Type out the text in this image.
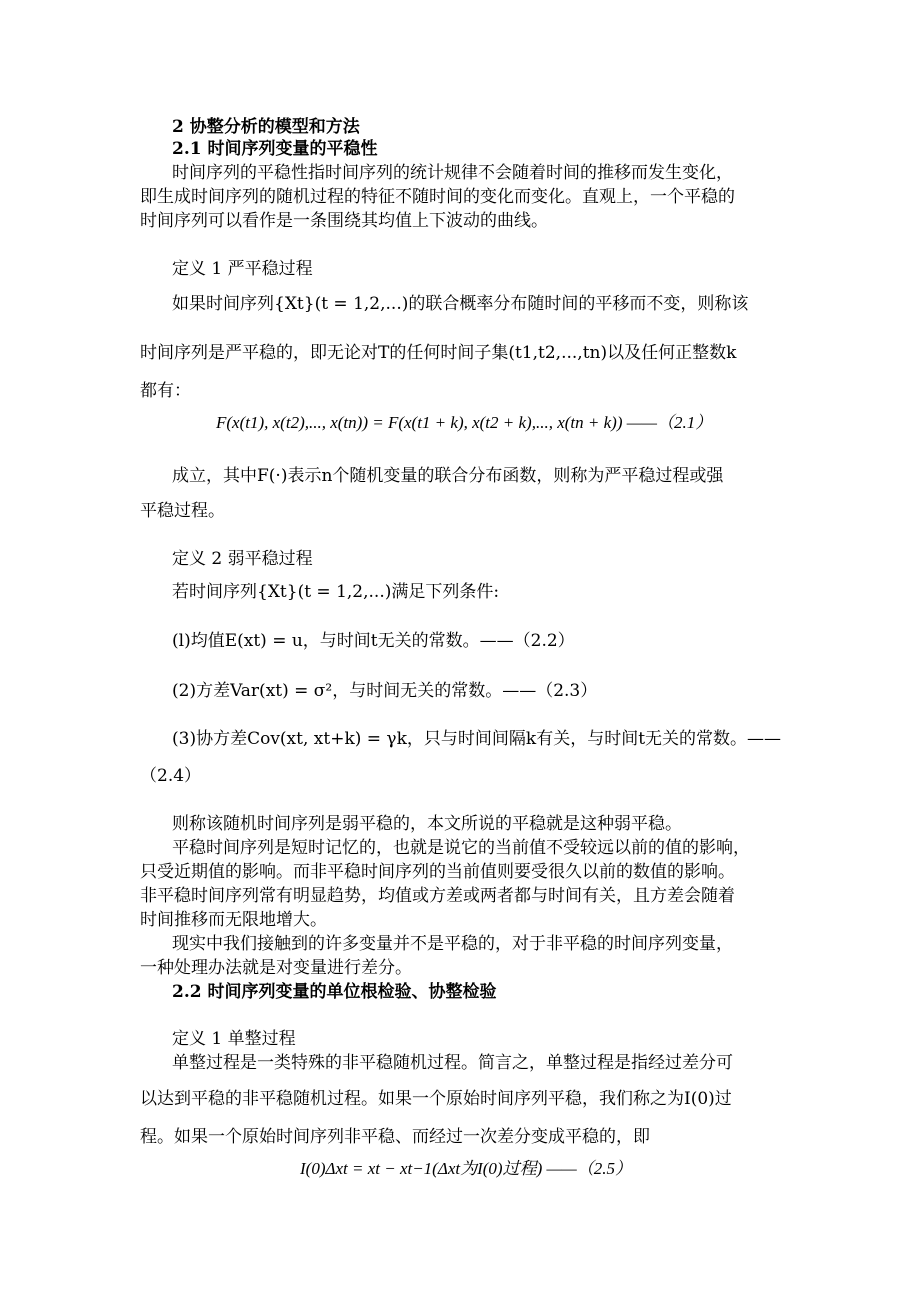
2 协整分析的模型和方法
2.1 时间序列变量的平稳性
时间序列的平稳性指时间序列的统计规律不会随着时间的推移而发生变化，
即生成时间序列的随机过程的特征不随时间的变化而变化。直观上，一个平稳的
时间序列可以看作是一条围绕其均值上下波动的曲线。
定义 1 严平稳过程
如果时间序列{Xt}(t = 1,2,...)的联合概率分布随时间的平移而不变，则称该
时间序列是严平稳的，即无论对T的任何时间子集(t1,t2,...,tn)以及任何正整数k
都有：
F(x(t1), x(t2),..., x(tn)) = F(x(t1 + k), x(t2 + k),..., x(tn + k)) ——（2.1）
成立，其中F(·)表示n个随机变量的联合分布函数，则称为严平稳过程或强
平稳过程。
定义 2 弱平稳过程
若时间序列{Xt}(t = 1,2,...)满足下列条件:
(l)均值E(xt) = u，与时间t无关的常数。——（2.2）
(2)方差Var(xt) = σ²，与时间无关的常数。——（2.3）
(3)协方差Cov(xt, xt+k) = γk，只与时间间隔k有关，与时间t无关的常数。——
（2.4）
则称该随机时间序列是弱平稳的，本文所说的平稳就是这种弱平稳。
平稳时间序列是短时记忆的，也就是说它的当前值不受较远以前的值的影响，
只受近期值的影响。而非平稳时间序列的当前值则要受很久以前的数值的影响。
非平稳时间序列常有明显趋势，均值或方差或两者都与时间有关，且方差会随着
时间推移而无限地增大。
现实中我们接触到的许多变量并不是平稳的，对于非平稳的时间序列变量，
一种处理办法就是对变量进行差分。
2.2 时间序列变量的单位根检验、协整检验
定义 1 单整过程
单整过程是一类特殊的非平稳随机过程。简言之，单整过程是指经过差分可
以达到平稳的非平稳随机过程。如果一个原始时间序列平稳，我们称之为I(0)过
程。如果一个原始时间序列非平稳、而经过一次差分变成平稳的，即
I(0)Δxt = xt − xt−1(Δxt为I(0)过程) ——（2.5）
